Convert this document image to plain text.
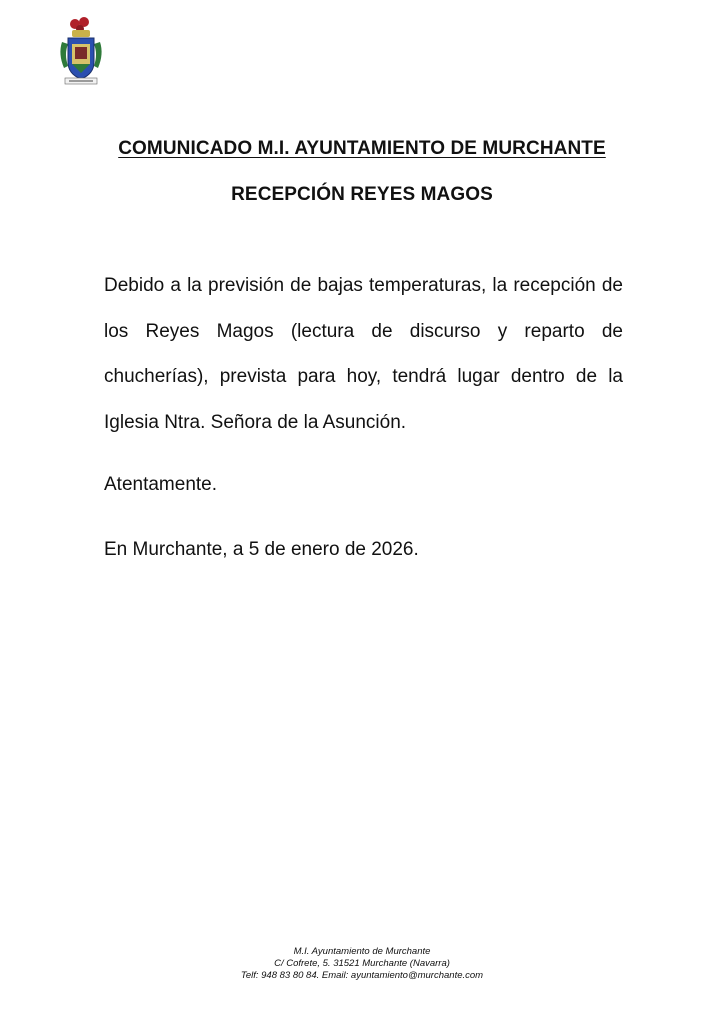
COMUNICADO M.I. AYUNTAMIENTO DE MURCHANTE
RECEPCIÓN REYES MAGOS

Debido a la previsión de bajas temperaturas, la recepción de los Reyes Magos (lectura de discurso y reparto de chucherías), prevista para hoy, tendrá lugar dentro de la Iglesia Ntra. Señora de la Asunción.

Atentamente.

En Murchante, a 5 de enero de 2026.

M.I. Ayuntamiento de Murchante
C/ Cofrete, 5. 31521 Murchante (Navarra)
Telf: 948 83 80 84. Email: ayuntamiento@murchante.com
